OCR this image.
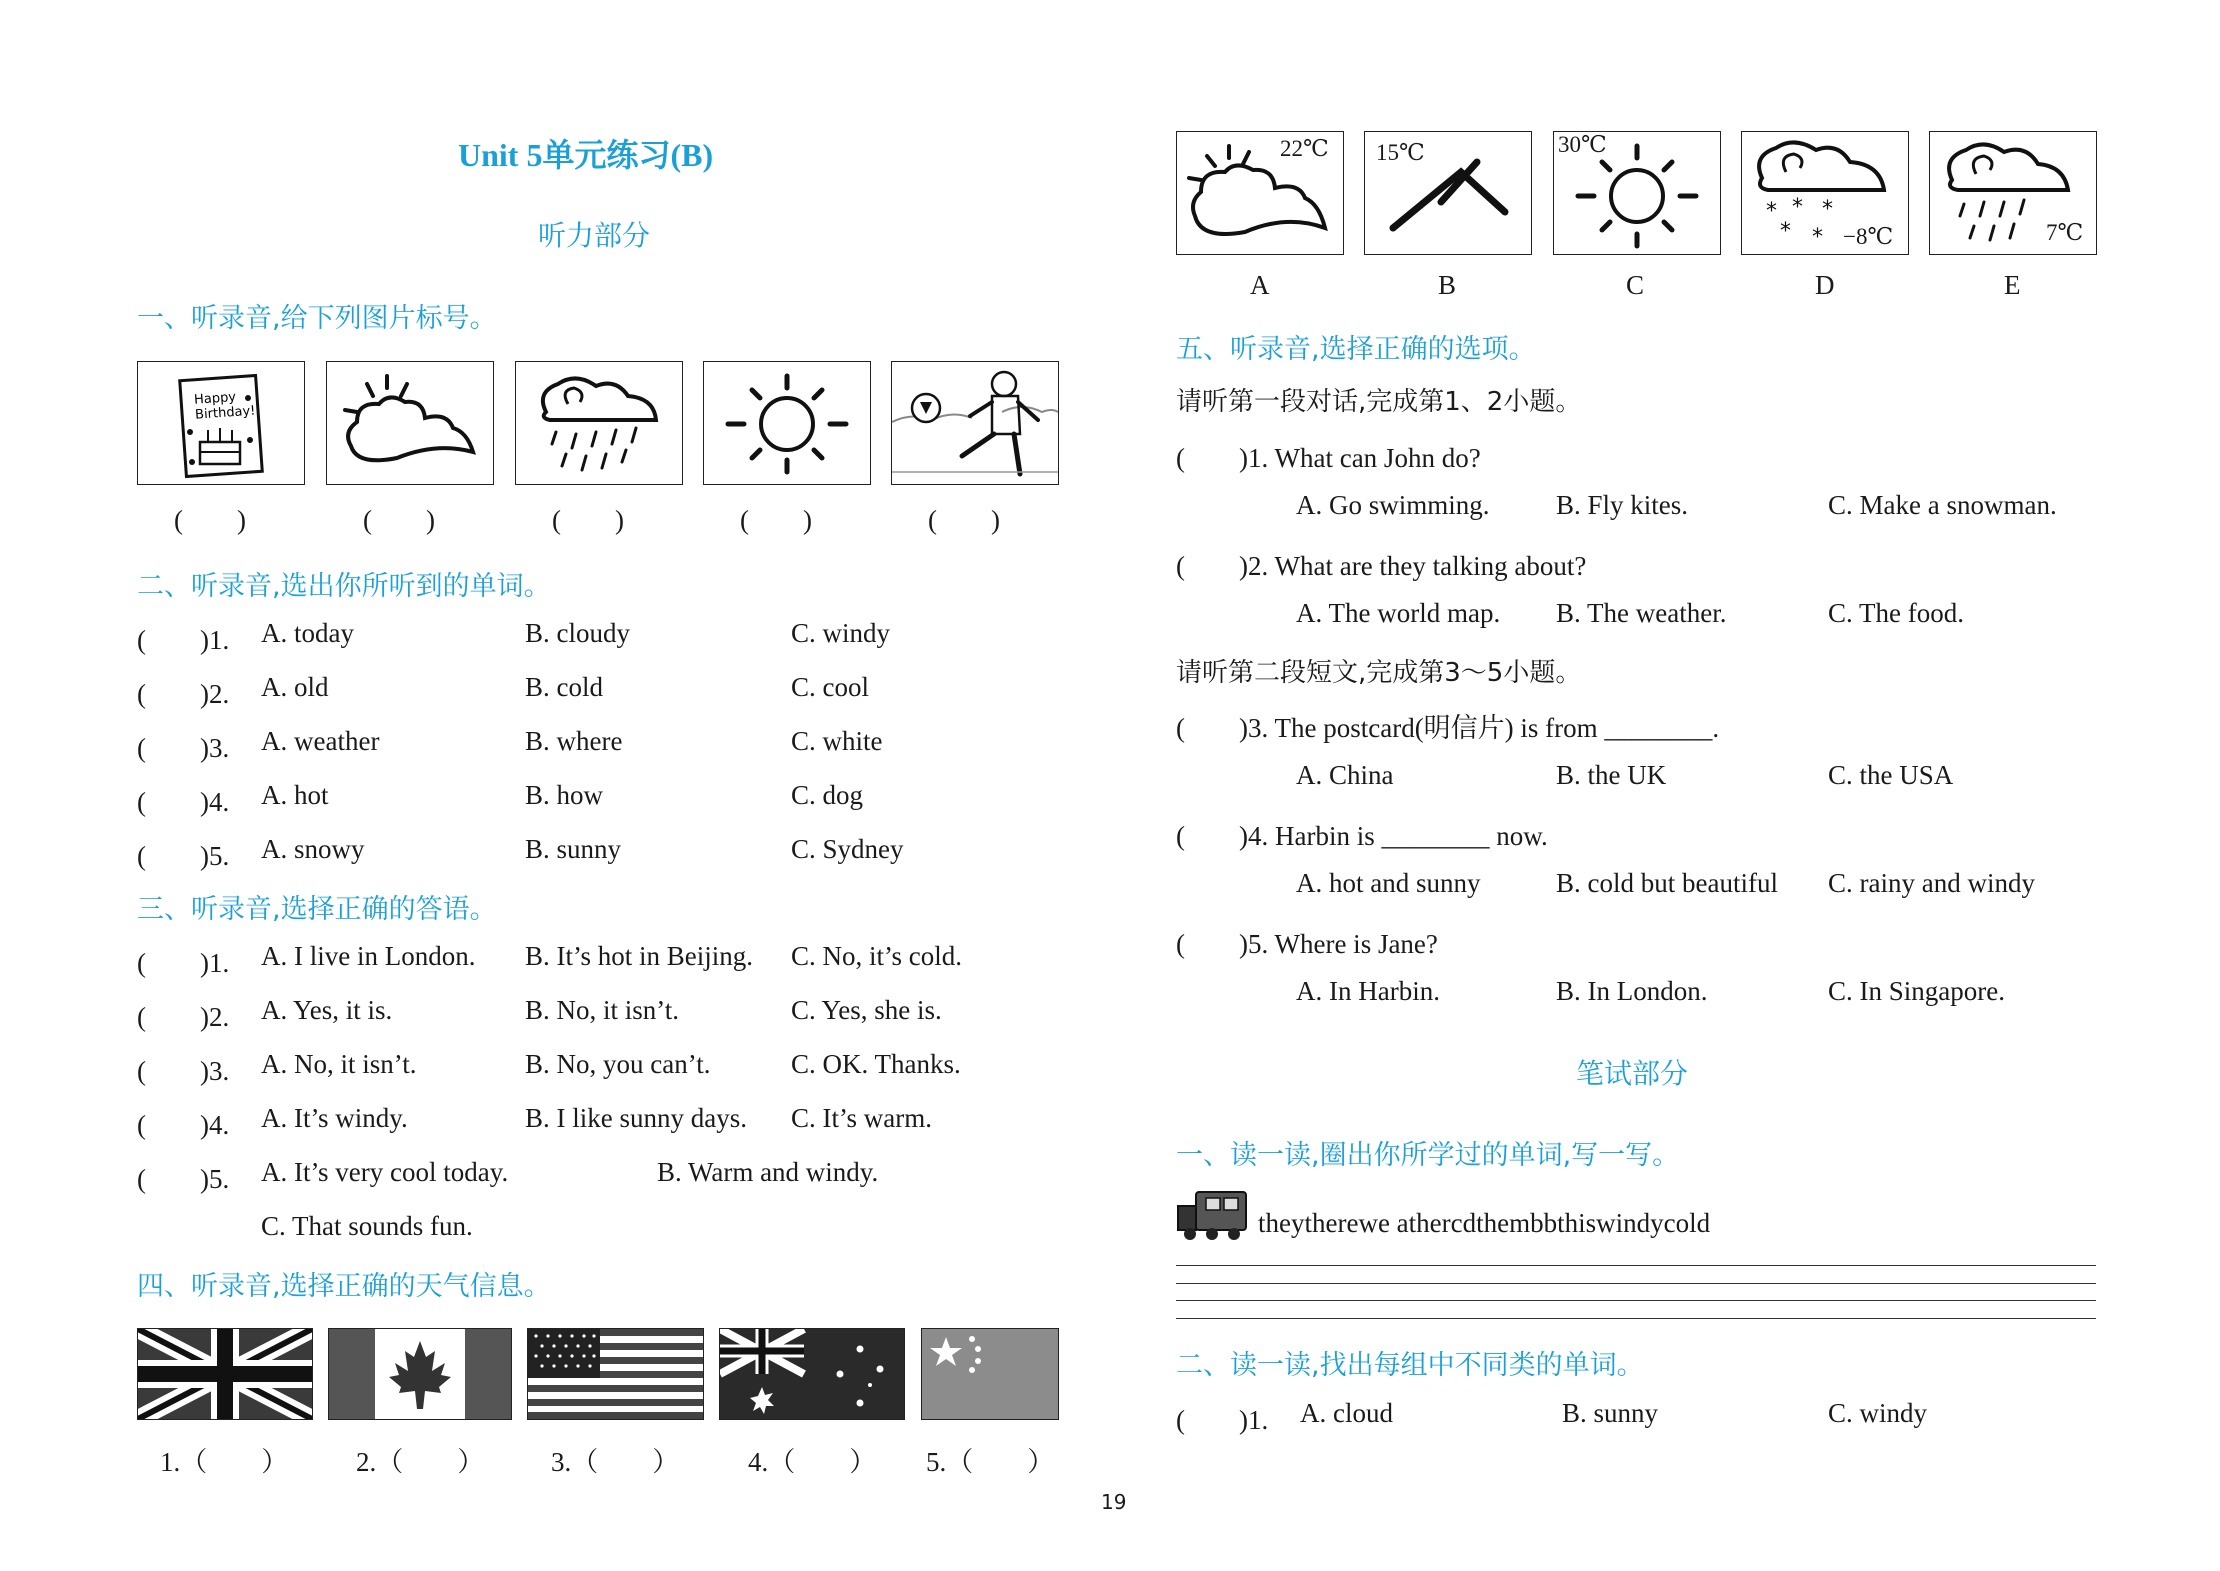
Unit 5单元练习(B)
听力部分
一、听录音,给下列图片标号。
Happy
Birthday!
(　　)	(　　)	(　　)	(　　)	(　　)
二、听录音,选出你所听到的单词。
(　　)1. A. today	B. cloudy	C. windy
(　　)2. A. old	B. cold	C. cool
(　　)3. A. weather	B. where	C. white
(　　)4. A. hot	B. how	C. dog
(　　)5. A. snowy	B. sunny	C. Sydney
三、听录音,选择正确的答语。
(　　)1. A. I live in London. B. It’s hot in Beijing. C. No, it’s cold.
(　　)2. A. Yes, it is.	B. No, it isn’t.	C. Yes, she is.
(　　)3. A. No, it isn’t.	B. No, you can’t.	C. OK. Thanks.
(　　)4. A. It’s windy.	B. I like sunny days. C. It’s warm.
(　　)5. A. It’s very cool today.	B. Warm and windy.
C. That sounds fun.
四、听录音,选择正确的天气信息。
1.（　　）	2.（　　） 3.（　　）	4.（　　） 5.（　　）
19
* * *
* *
22℃ 15℃	30℃
−8℃	7℃
A	B	C	D	E
五、听录音,选择正确的选项。
请听第一段对话,完成第1、2小题。
(　　)1. What can John do?
A. Go swimming. B. Fly kites.	C. Make a snowman.
(　　)2. What are they talking about?
A. The world map. B. The weather.	C. The food.
请听第二段短文,完成第3～5小题。
(　　)3. The postcard(明信片) is from ________.
A. China	B. the UK	C. the USA
(　　)4. Harbin is ________ now.
A. hot and sunny	B. cold but beautiful C. rainy and windy
(　　)5. Where is Jane?
A. In Harbin.	B. In London.	C. In Singapore.
笔试部分
一、读一读,圈出你所学过的单词,写一写。
theytherewe athercdthembbthiswindycold
二、读一读,找出每组中不同类的单词。
(　　)1. A. cloud	B. sunny	C. windy
